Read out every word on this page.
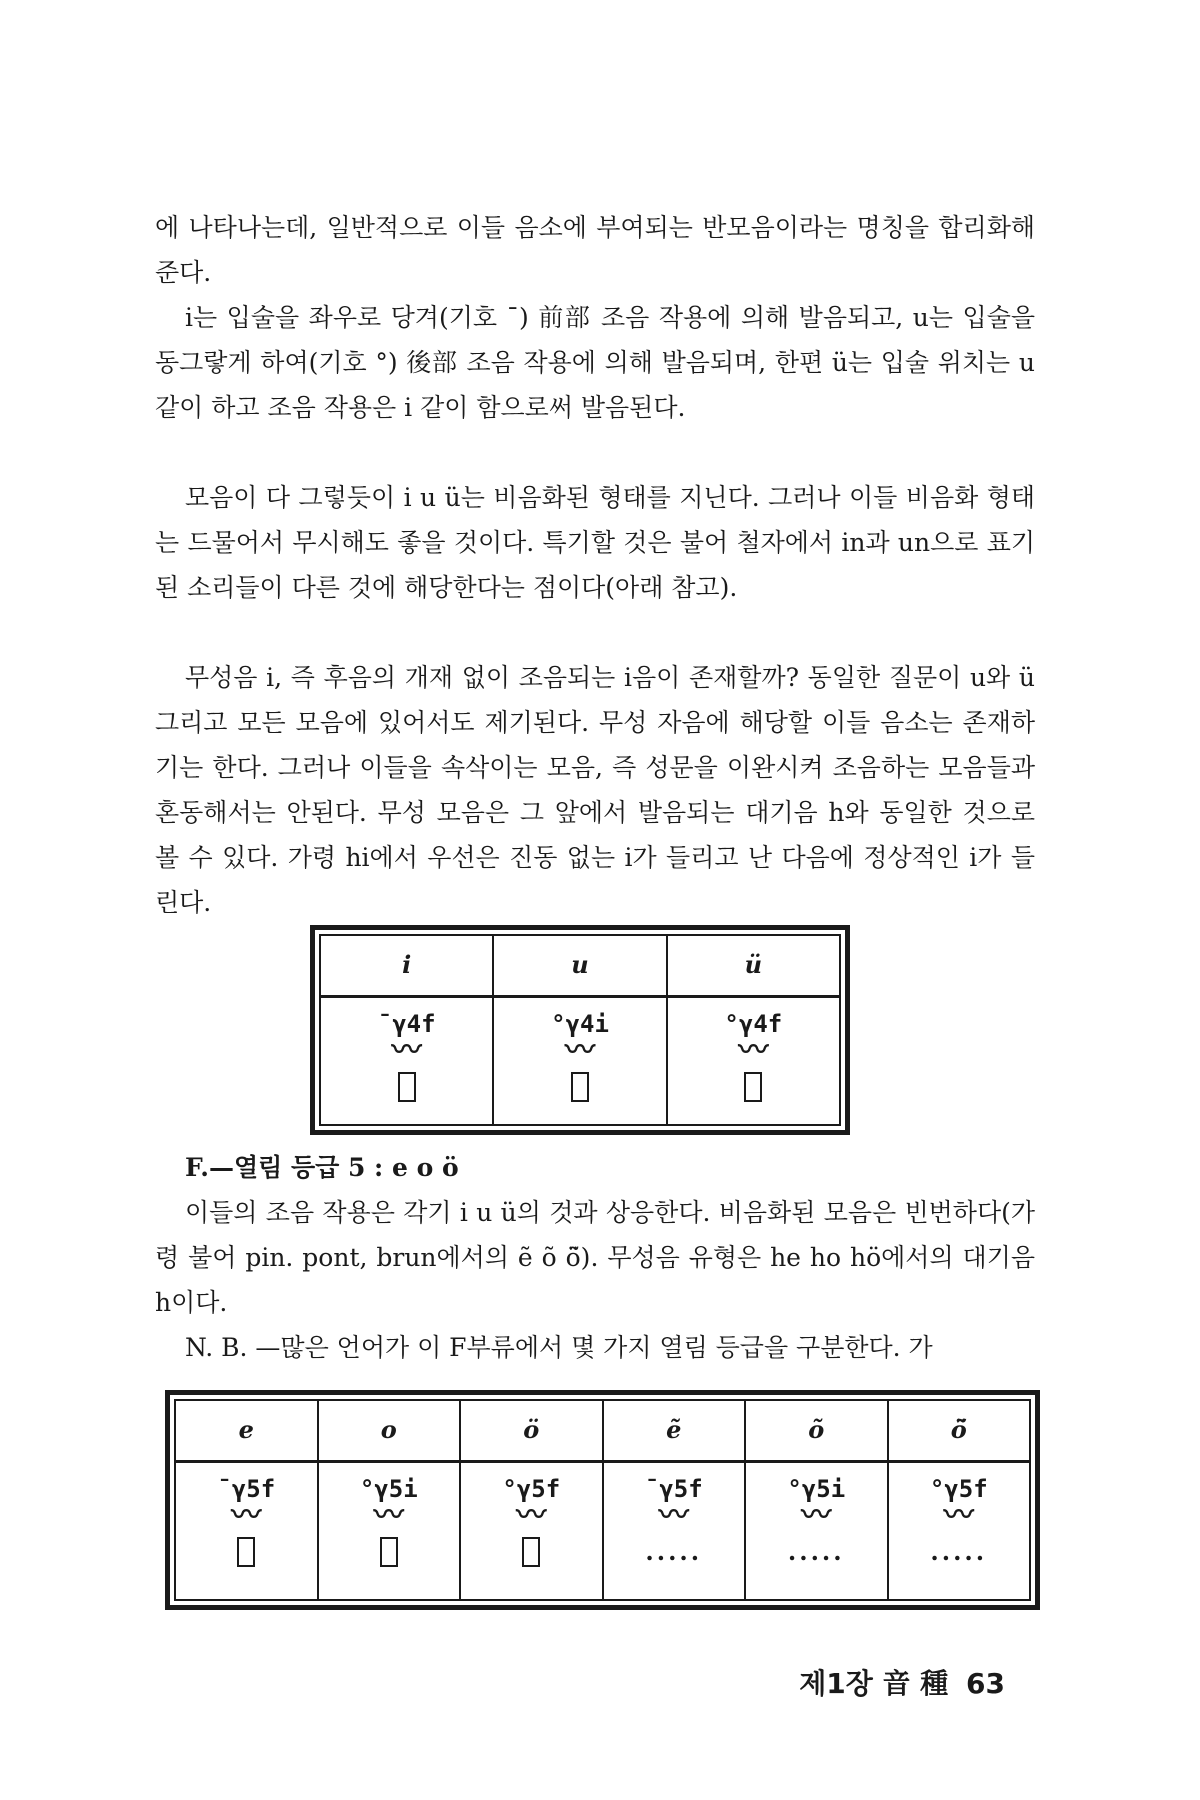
에 나타나는데, 일반적으로 이들 음소에 부여되는 반모음이라는 명칭을 합리화해 준다.

i는 입술을 좌우로 당겨(기호 ¯) 前部 조음 작용에 의해 발음되고, u는 입술을 동그랗게 하여(기호 °) 後部 조음 작용에 의해 발음되며, 한편 ü는 입술 위치는 u 같이 하고 조음 작용은 i 같이 함으로써 발음된다.

모음이 다 그렇듯이 i u ü는 비음화된 형태를 지닌다. 그러나 이들 비음화 형태는 드물어서 무시해도 좋을 것이다. 특기할 것은 불어 철자에서 in과 un으로 표기된 소리들이 다른 것에 해당한다는 점이다(아래 참고).

무성음 i, 즉 후음의 개재 없이 조음되는 i음이 존재할까? 동일한 질문이 u와 ü 그리고 모든 모음에 있어서도 제기된다. 무성 자음에 해당할 이들 음소는 존재하기는 한다. 그러나 이들을 속삭이는 모음, 즉 성문을 이완시켜 조음하는 모음들과 혼동해서는 안된다. 무성 모음은 그 앞에서 발음되는 대기음 h와 동일한 것으로 볼 수 있다. 가령 hi에서 우선은 진동 없는 i가 들리고 난 다음에 정상적인 i가 들린다.

i
¯γ4f
〰
u
°γ4i
〰
ü
°γ4f
〰
F.—열림 등급 5 : e o ö

이들의 조음 작용은 각기 i u ü의 것과 상응한다. 비음화된 모음은 빈번하다(가령 불어 pin. pont, brun에서의 ẽ õ ö̃). 무성음 유형은 he ho hö에서의 대기음 h이다.

N. B. —많은 언어가 이 F부류에서 몇 가지 열림 등급을 구분한다. 가

e
¯γ5f
〰
o
°γ5i
〰
ö
°γ5f
〰
ẽ
¯γ5f
〰
.....
õ
°γ5i
〰
.....
ö̃
°γ5f
〰
.....
제1장 音 種 63
